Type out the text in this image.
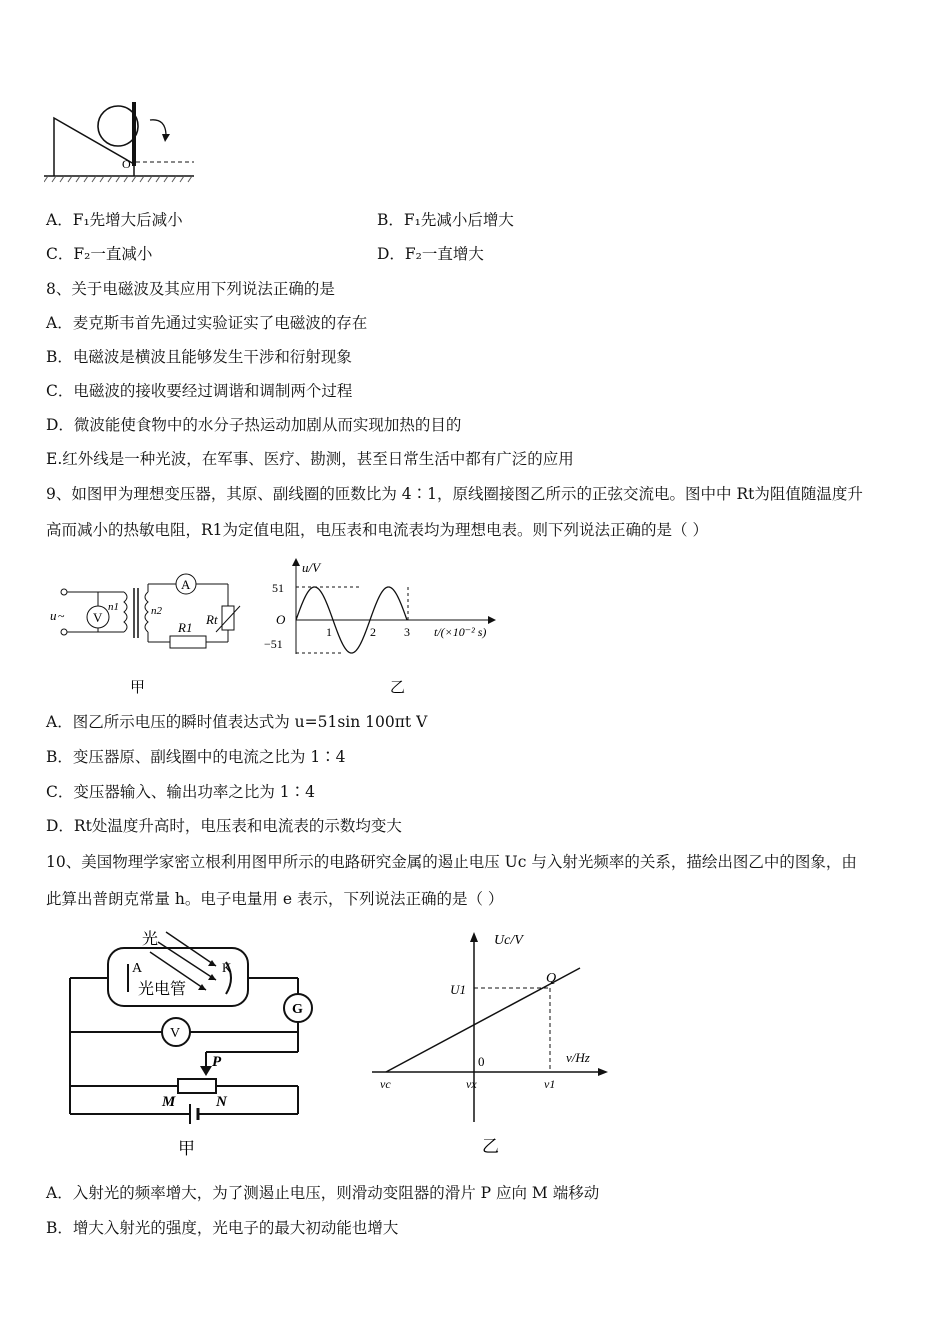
O
A．F₁先增大后减小	B．F₁先减小后增大
C．F₂一直减小	D．F₂一直增大
8、关于电磁波及其应用下列说法正确的是
A．麦克斯韦首先通过实验证实了电磁波的存在
B．电磁波是横波且能够发生干涉和衍射现象
C．电磁波的接收要经过调谐和调制两个过程
D．微波能使食物中的水分子热运动加剧从而实现加热的目的
E.红外线是一种光波，在军事、医疗、勘测，甚至日常生活中都有广泛的应用
9、如图甲为理想变压器，其原、副线圈的匝数比为 4∶1，原线圈接图乙所示的正弦交流电。图中中 Rt为阻值随温度升
高而减小的热敏电阻，R1为定值电阻，电压表和电流表均为理想电表。则下列说法正确的是（ ）
u ~ V
n1	n2
A
Rt
R1
甲
u/V
O
51
−51
1	2 3 t/(×10⁻² s)
乙
A．图乙所示电压的瞬时值表达式为 u=51sin 100πt V
B．变压器原、副线圈中的电流之比为 1∶4
C．变压器输入、输出功率之比为 1∶4
D．Rt处温度升高时，电压表和电流表的示数均变大
10、美国物理学家密立根利用图甲所示的电路研究金属的遏止电压 Uc 与入射光频率的关系，描绘出图乙中的图象，由
此算出普朗克常量 h。电子电量用 e 表示，下列说法正确的是（ ）
A	K
光电管
光
G
V
P
M	N
甲
Uc/V
ν/Hz
U1
Q
0
νc	νx	ν1
乙
A．入射光的频率增大，为了测遏止电压，则滑动变阻器的滑片 P 应向 M 端移动
B．增大入射光的强度，光电子的最大初动能也增大
